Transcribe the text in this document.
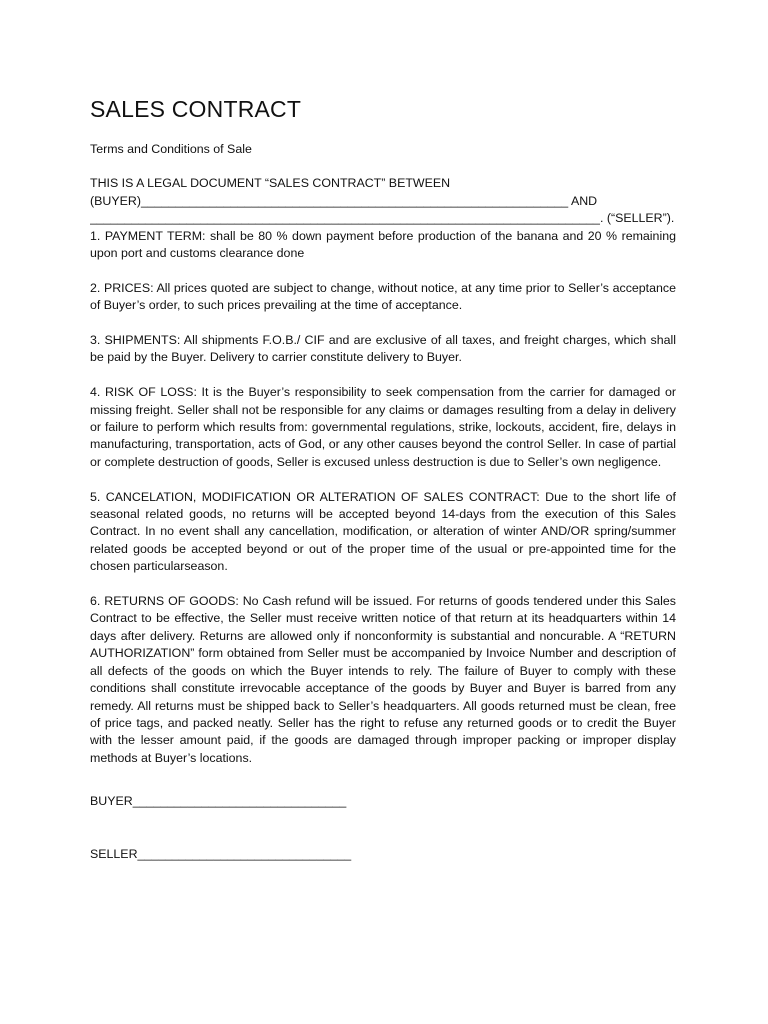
SALES CONTRACT

Terms and Conditions of Sale

THIS IS A LEGAL DOCUMENT “SALES CONTRACT” BETWEEN

(BUYER)______________________________________________________________ AND

__________________________________________________________________________. (“SELLER”).

1. PAYMENT TERM: shall be 80 % down payment before production of the banana and 20 % remaining upon port and customs clearance done

2. PRICES: All prices quoted are subject to change, without notice, at any time prior to Seller’s acceptance of Buyer’s order, to such prices prevailing at the time of acceptance.

3. SHIPMENTS: All shipments F.O.B./ CIF and are exclusive of all taxes, and freight charges, which shall be paid by the Buyer. Delivery to carrier constitute delivery to Buyer.

4. RISK OF LOSS: It is the Buyer’s responsibility to seek compensation from the carrier for damaged or missing freight. Seller shall not be responsible for any claims or damages resulting from a delay in delivery or failure to perform which results from: governmental regulations, strike, lockouts, accident, fire, delays in manufacturing, transportation, acts of God, or any other causes beyond the control Seller. In case of partial or complete destruction of goods, Seller is excused unless destruction is due to Seller’s own negligence.

5. CANCELATION, MODIFICATION OR ALTERATION OF SALES CONTRACT: Due to the short life of seasonal related goods, no returns will be accepted beyond 14-days from the execution of this Sales Contract. In no event shall any cancellation, modification, or alteration of winter AND/OR spring/summer related goods be accepted beyond or out of the proper time of the usual or pre-appointed time for the chosen particularseason.

6. RETURNS OF GOODS: No Cash refund will be issued. For returns of goods tendered under this Sales Contract to be effective, the Seller must receive written notice of that return at its headquarters within 14 days after delivery. Returns are allowed only if nonconformity is substantial and noncurable. A “RETURN AUTHORIZATION” form obtained from Seller must be accompanied by Invoice Number and description of all defects of the goods on which the Buyer intends to rely. The failure of Buyer to comply with these conditions shall constitute irrevocable acceptance of the goods by Buyer and Buyer is barred from any remedy. All returns must be shipped back to Seller’s headquarters. All goods returned must be clean, free of price tags, and packed neatly. Seller has the right to refuse any returned goods or to credit the Buyer with the lesser amount paid, if the goods are damaged through improper packing or improper display methods at Buyer’s locations.

BUYER_______________________________

SELLER_______________________________
